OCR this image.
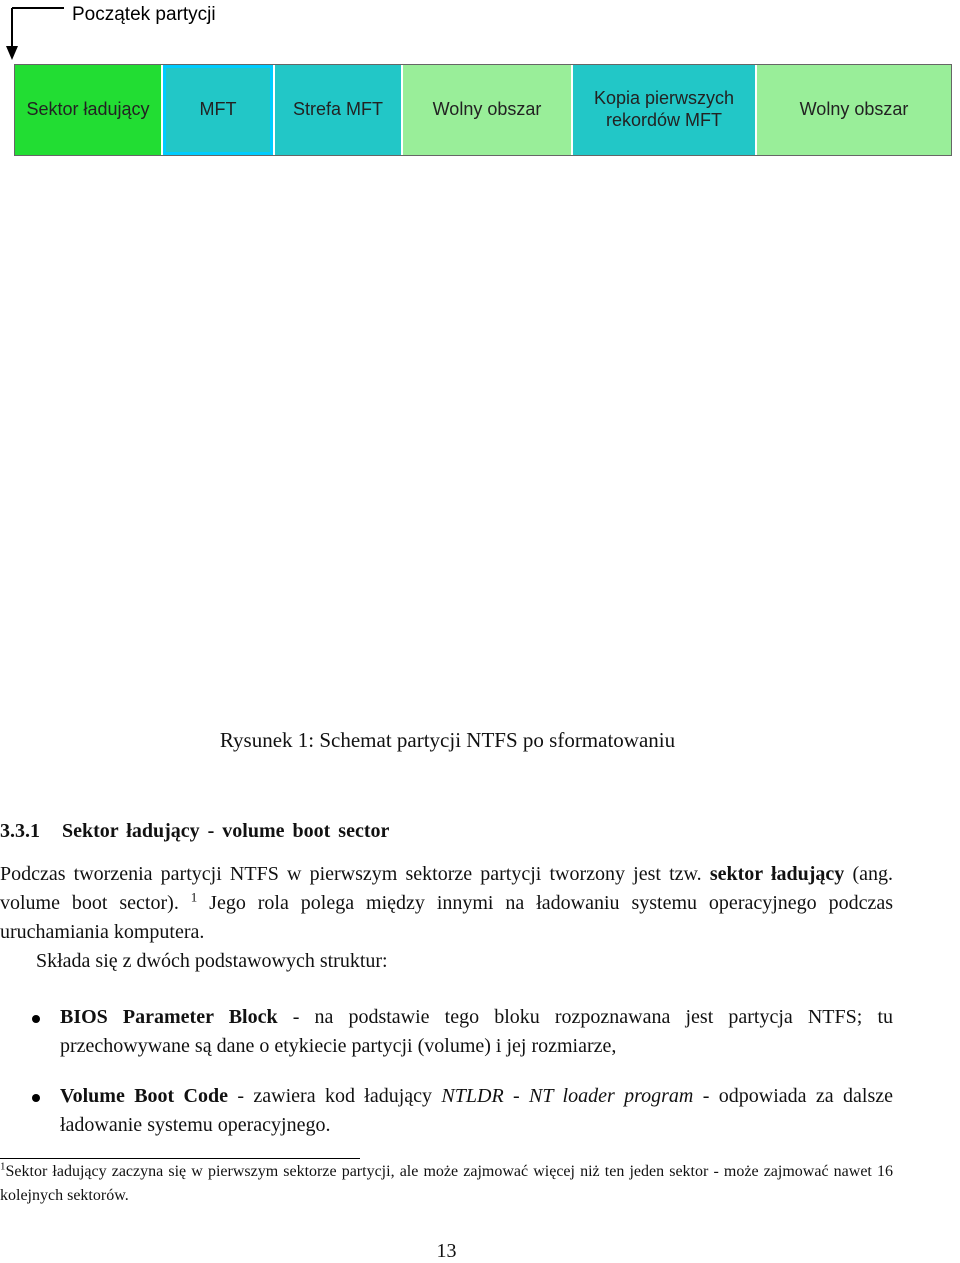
Początek partycji
Sektor ładujący	MFT	Strefa MFT	Wolny obszar
Kopia pierwszych rekordów MFT
Wolny obszar
Rysunek 1: Schemat partycji NTFS po sformatowaniu
3.3.1 Sektor ładujący - volume boot sector
Podczas tworzenia partycji NTFS w pierwszym sektorze partycji tworzony jest tzw. sektor ładujący (ang. volume boot sector). $^1$ Jego rola polega między innymi na ładowaniu systemu operacyjnego podczas uruchamiania komputera.
Składa się z dwóch podstawowych struktur:
BIOS Parameter Block - na podstawie tego bloku rozpoznawana jest partycja NTFS; tu przechowywane są dane o etykiecie partycji (volume) i jej rozmiarze,
Volume Boot Code - zawiera kod ładujący NTLDR - NT loader program - odpowiada za dalsze ładowanie systemu operacyjnego.
$^1$Sektor ładujący zaczyna się w pierwszym sektorze partycji, ale może zajmować więcej niż ten jeden sektor - może zajmować nawet 16 kolejnych sektorów.
13
